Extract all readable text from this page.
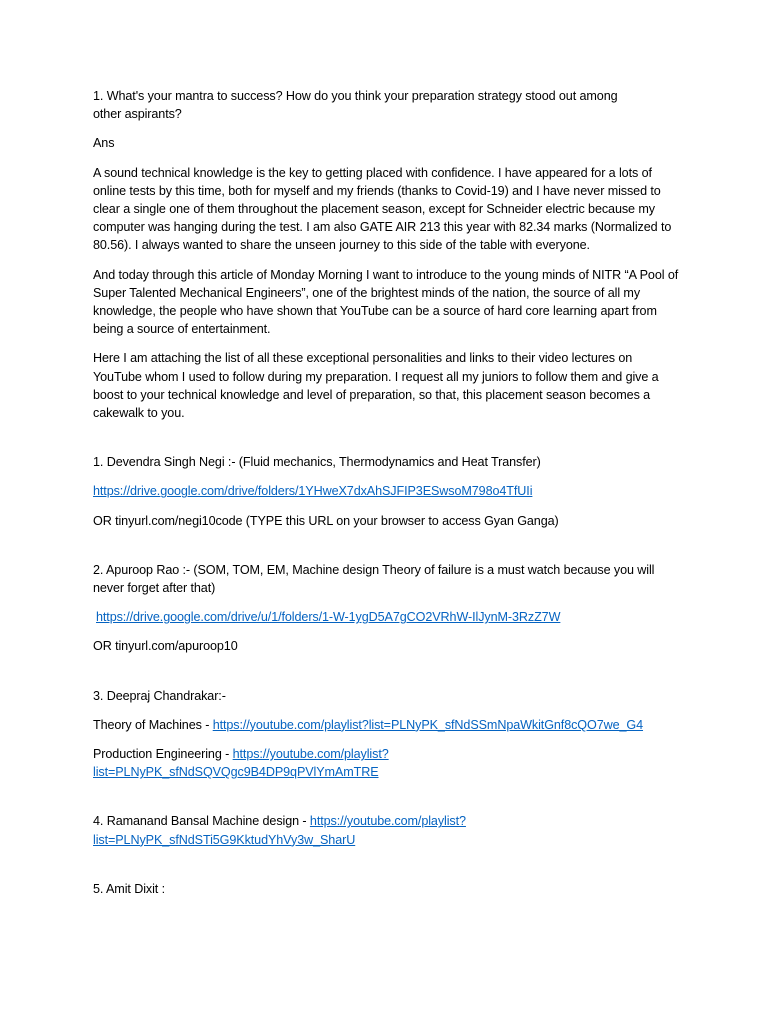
1. What's your mantra to success? How do you think your preparation strategy stood out among
other aspirants?

Ans

A sound technical knowledge is the key to getting placed with confidence. I have appeared for a lots of online tests by this time, both for myself and my friends (thanks to Covid-19) and I have never missed to clear a single one of them throughout the placement season, except for Schneider electric because my computer was hanging during the test. I am also GATE AIR 213 this year with 82.34 marks (Normalized to 80.56). I always wanted to share the unseen journey to this side of the table with everyone.

And today through this article of Monday Morning I want to introduce to the young minds of NITR “A Pool of Super Talented Mechanical Engineers”, one of the brightest minds of the nation, the source of all my knowledge, the people who have shown that YouTube can be a source of hard core learning apart from being a source of entertainment.

Here I am attaching the list of all these exceptional personalities and links to their video lectures on YouTube whom I used to follow during my preparation. I request all my juniors to follow them and give a boost to your technical knowledge and level of preparation, so that, this placement season becomes a cakewalk to you.

1. Devendra Singh Negi :- (Fluid mechanics, Thermodynamics and Heat Transfer)

https://drive.google.com/drive/folders/1YHweX7dxAhSJFIP3ESwsoM798o4TfUIi

OR tinyurl.com/negi10code (TYPE this URL on your browser to access Gyan Ganga)

2. Apuroop Rao :- (SOM, TOM, EM, Machine design Theory of failure is a must watch because you will never forget after that)

https://drive.google.com/drive/u/1/folders/1-W-1ygD5A7gCO2VRhW-IlJynM-3RzZ7W

OR tinyurl.com/apuroop10

3. Deepraj Chandrakar:-

Theory of Machines - https://youtube.com/playlist?list=PLNyPK_sfNdSSmNpaWkitGnf8cQO7we_G4

Production Engineering - https://youtube.com/playlist?
list=PLNyPK_sfNdSQVQgc9B4DP9qPVlYmAmTRE

4. Ramanand Bansal Machine design - https://youtube.com/playlist?
list=PLNyPK_sfNdSTi5G9KktudYhVy3w_SharU

5. Amit Dixit :
